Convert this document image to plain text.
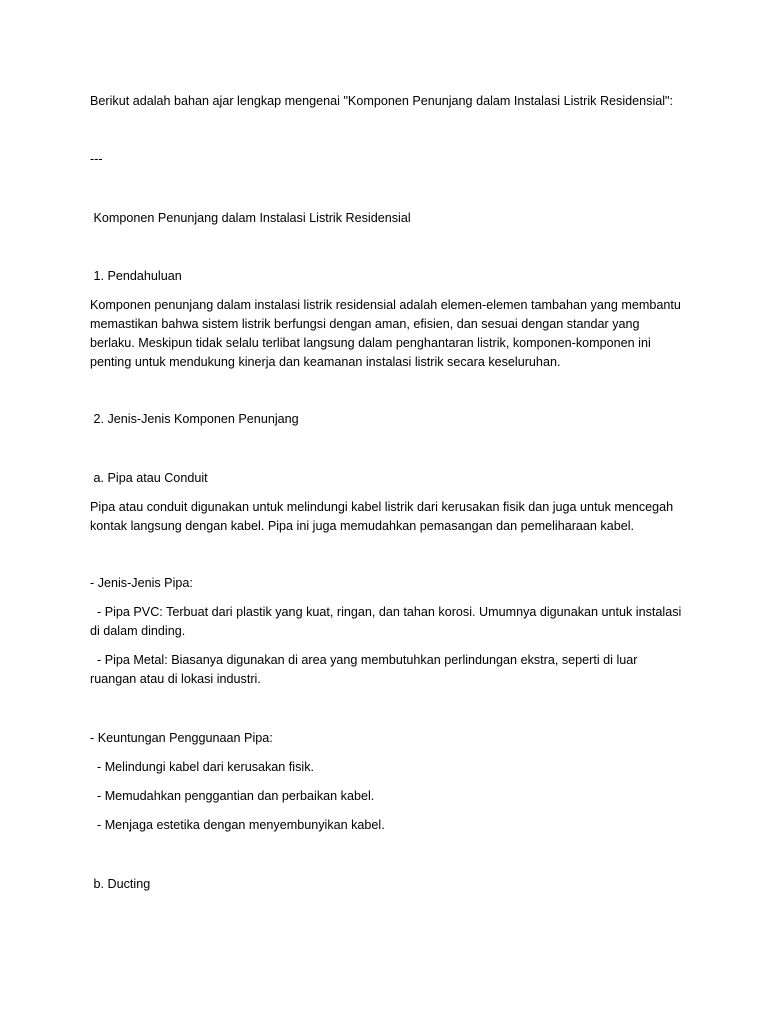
Berikut adalah bahan ajar lengkap mengenai "Komponen Penunjang dalam Instalasi Listrik Residensial":
---
Komponen Penunjang dalam Instalasi Listrik Residensial
1. Pendahuluan
Komponen penunjang dalam instalasi listrik residensial adalah elemen-elemen tambahan yang membantu memastikan bahwa sistem listrik berfungsi dengan aman, efisien, dan sesuai dengan standar yang berlaku. Meskipun tidak selalu terlibat langsung dalam penghantaran listrik, komponen-komponen ini penting untuk mendukung kinerja dan keamanan instalasi listrik secara keseluruhan.
2. Jenis-Jenis Komponen Penunjang
a. Pipa atau Conduit
Pipa atau conduit digunakan untuk melindungi kabel listrik dari kerusakan fisik dan juga untuk mencegah kontak langsung dengan kabel. Pipa ini juga memudahkan pemasangan dan pemeliharaan kabel.
- Jenis-Jenis Pipa:
- Pipa PVC: Terbuat dari plastik yang kuat, ringan, dan tahan korosi. Umumnya digunakan untuk instalasi di dalam dinding.
- Pipa Metal: Biasanya digunakan di area yang membutuhkan perlindungan ekstra, seperti di luar ruangan atau di lokasi industri.
- Keuntungan Penggunaan Pipa:
- Melindungi kabel dari kerusakan fisik.
- Memudahkan penggantian dan perbaikan kabel.
- Menjaga estetika dengan menyembunyikan kabel.
b. Ducting
